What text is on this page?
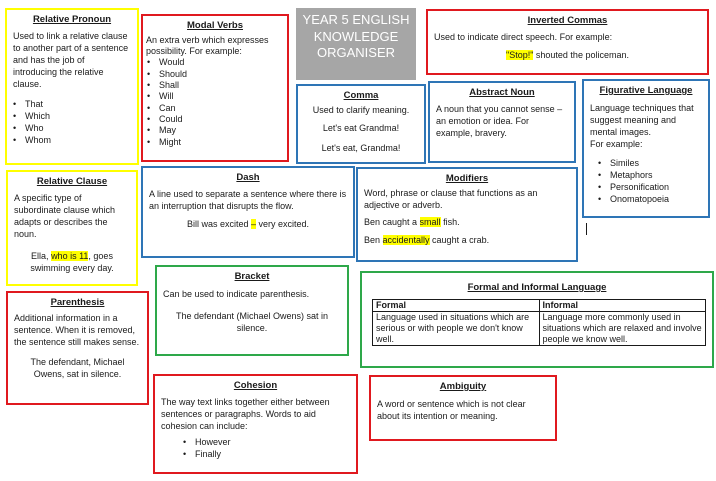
Relative Pronoun
Used to link a relative clause to another part of a sentence and has the job of introducing the relative clause.
• That
• Which
• Who
• Whom
Modal Verbs
An extra verb which expresses possibility. For example:
• Would
• Should
• Shall
• Will
• Can
• Could
• May
• Might
YEAR 5 ENGLISH
KNOWLEDGE
ORGANISER
Inverted Commas
Used to indicate direct speech. For example:
"Stop!" shouted the policeman.
Comma
Used to clarify meaning.
Let's eat Grandma!
Let's eat, Grandma!
Abstract Noun
A noun that you cannot sense – an emotion or idea. For example, bravery.
Figurative Language
Language techniques that suggest meaning and mental images.
For example:
• Similes
• Metaphors
• Personification
• Onomatopoeia
Relative Clause
A specific type of subordinate clause which adapts or describes the noun.
Ella, who is 11, goes swimming every day.
Dash
A line used to separate a sentence where there is an interruption that disrupts the flow.
Bill was excited – very excited.
Modifiers
Word, phrase or clause that functions as an adjective or adverb.
Ben caught a small fish.
Ben accidentally caught a crab.
Parenthesis
Additional information in a sentence. When it is removed, the sentence still makes sense.
The defendant, Michael Owens, sat in silence.
Bracket
Can be used to indicate parenthesis.
The defendant (Michael Owens) sat in silence.
Formal and Informal Language
Formal	Informal
Language used in situations which are serious or with people we don't know well.	Language more commonly used in situations which are relaxed and involve people we know well.
Cohesion
The way text links together either between sentences or paragraphs. Words to aid cohesion can include:
• However
• Finally
Ambiguity
A word or sentence which is not clear about its intention or meaning.
